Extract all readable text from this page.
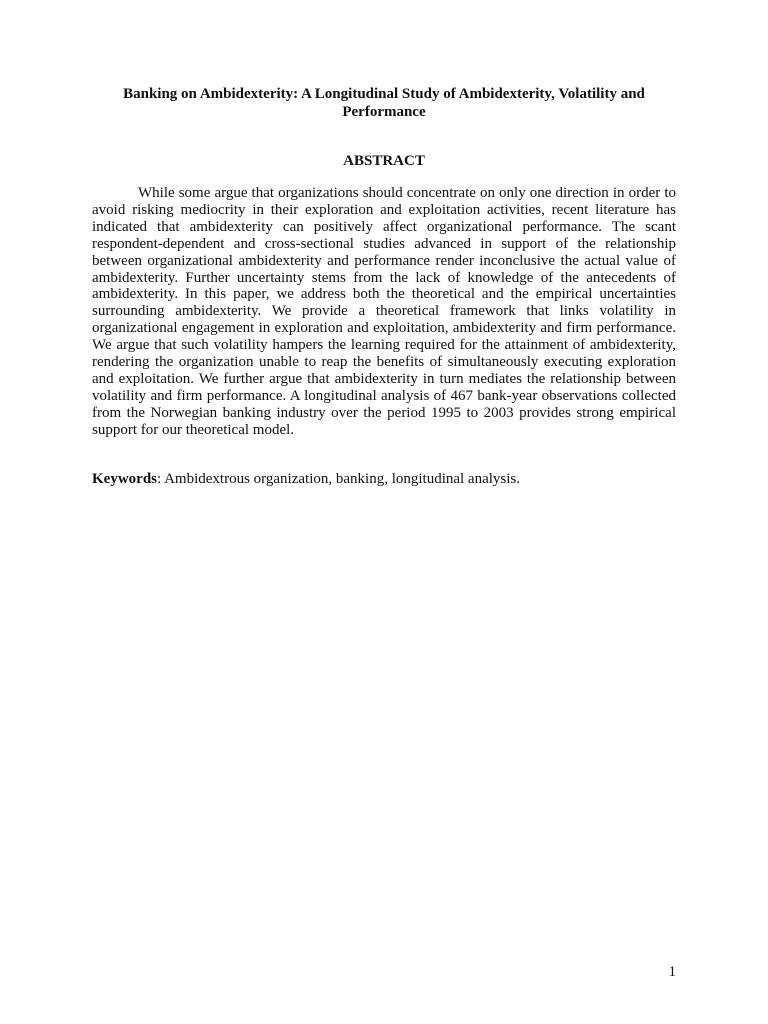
Banking on Ambidexterity: A Longitudinal Study of Ambidexterity, Volatility and Performance
ABSTRACT

While some argue that organizations should concentrate on only one direction in order to avoid risking mediocrity in their exploration and exploitation activities, recent literature has indicated that ambidexterity can positively affect organizational performance. The scant respondent-dependent and cross-sectional studies advanced in support of the relationship between organizational ambidexterity and performance render inconclusive the actual value of ambidexterity. Further uncertainty stems from the lack of knowledge of the antecedents of ambidexterity. In this paper, we address both the theoretical and the empirical uncertainties surrounding ambidexterity. We provide a theoretical framework that links volatility in organizational engagement in exploration and exploitation, ambidexterity and firm performance. We argue that such volatility hampers the learning required for the attainment of ambidexterity, rendering the organization unable to reap the benefits of simultaneously executing exploration and exploitation. We further argue that ambidexterity in turn mediates the relationship between volatility and firm performance. A longitudinal analysis of 467 bank-year observations collected from the Norwegian banking industry over the period 1995 to 2003 provides strong empirical support for our theoretical model.

Keywords: Ambidextrous organization, banking, longitudinal analysis.

1
